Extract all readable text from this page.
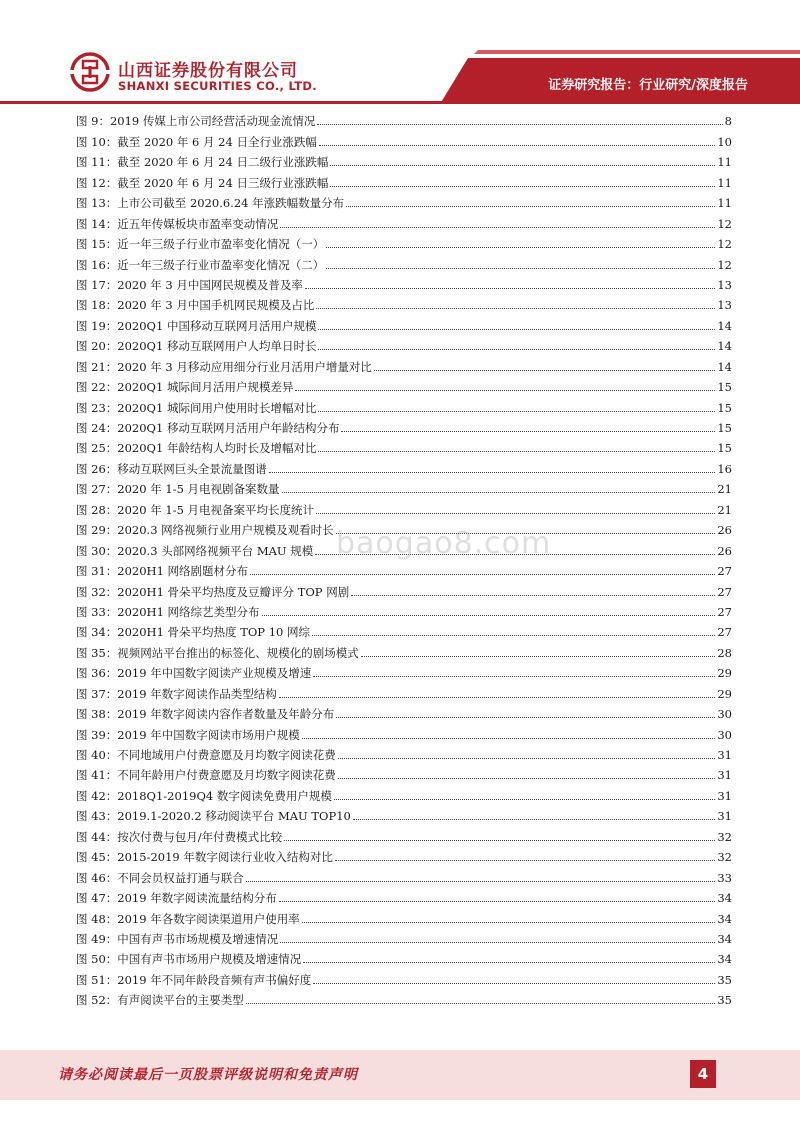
山西证券股份有限公司
SHANXI SECURITIES CO., LTD.	证券研究报告：行业研究/深度报告
图 9：2019 传媒上市公司经营活动现金流情况	8
图 10：截至 2020 年 6 月 24 日全行业涨跌幅	10
图 11：截至 2020 年 6 月 24 日二级行业涨跌幅	11
图 12：截至 2020 年 6 月 24 日三级行业涨跌幅	11
图 13：上市公司截至 2020.6.24 年涨跌幅数量分布	11
图 14：近五年传媒板块市盈率变动情况	12
图 15：近一年三级子行业市盈率变化情况（一）	12
图 16：近一年三级子行业市盈率变化情况（二）	12
图 17：2020 年 3 月中国网民规模及普及率	13
图 18：2020 年 3 月中国手机网民规模及占比	13
图 19：2020Q1 中国移动互联网月活用户规模	14
图 20：2020Q1 移动互联网用户人均单日时长	14
图 21：2020 年 3 月移动应用细分行业月活用户增量对比	14
图 22：2020Q1 城际间月活用户规模差异	15
图 23：2020Q1 城际间用户使用时长增幅对比	15
图 24：2020Q1 移动互联网月活用户年龄结构分布	15
图 25：2020Q1 年龄结构人均时长及增幅对比	15
图 26：移动互联网巨头全景流量图谱	16
图 27：2020 年 1-5 月电视剧备案数量	21
图 28：2020 年 1-5 月电视备案平均长度统计	21
图 29：2020.3 网络视频行业用户规模及观看时长	26
图 30：2020.3 头部网络视频平台 MAU 规模	26
图 31：2020H1 网络剧题材分布	27
图 32：2020H1 骨朵平均热度及豆瓣评分 TOP 网剧	27
图 33：2020H1 网络综艺类型分布	27
图 34：2020H1 骨朵平均热度 TOP 10 网综	27
图 35：视频网站平台推出的标签化、规模化的剧场模式	28
图 36：2019 年中国数字阅读产业规模及增速	29
图 37：2019 年数字阅读作品类型结构	29
图 38：2019 年数字阅读内容作者数量及年龄分布	30
图 39：2019 年中国数字阅读市场用户规模	30
图 40：不同地域用户付费意愿及月均数字阅读花费	31
图 41：不同年龄用户付费意愿及月均数字阅读花费	31
图 42：2018Q1-2019Q4 数字阅读免费用户规模	31
图 43：2019.1-2020.2 移动阅读平台 MAU TOP10	31
图 44：按次付费与包月/年付费模式比较	32
图 45：2015-2019 年数字阅读行业收入结构对比	32
图 46：不同会员权益打通与联合	33
图 47：2019 年数字阅读流量结构分布	34
图 48：2019 年各数字阅读渠道用户使用率	34
图 49：中国有声书市场规模及增速情况	34
图 50：中国有声书市场用户规模及增速情况	34
图 51：2019 年不同年龄段音频有声书偏好度	35
图 52：有声阅读平台的主要类型	35
baogao8.com
请务必阅读最后一页股票评级说明和免责声明	4
